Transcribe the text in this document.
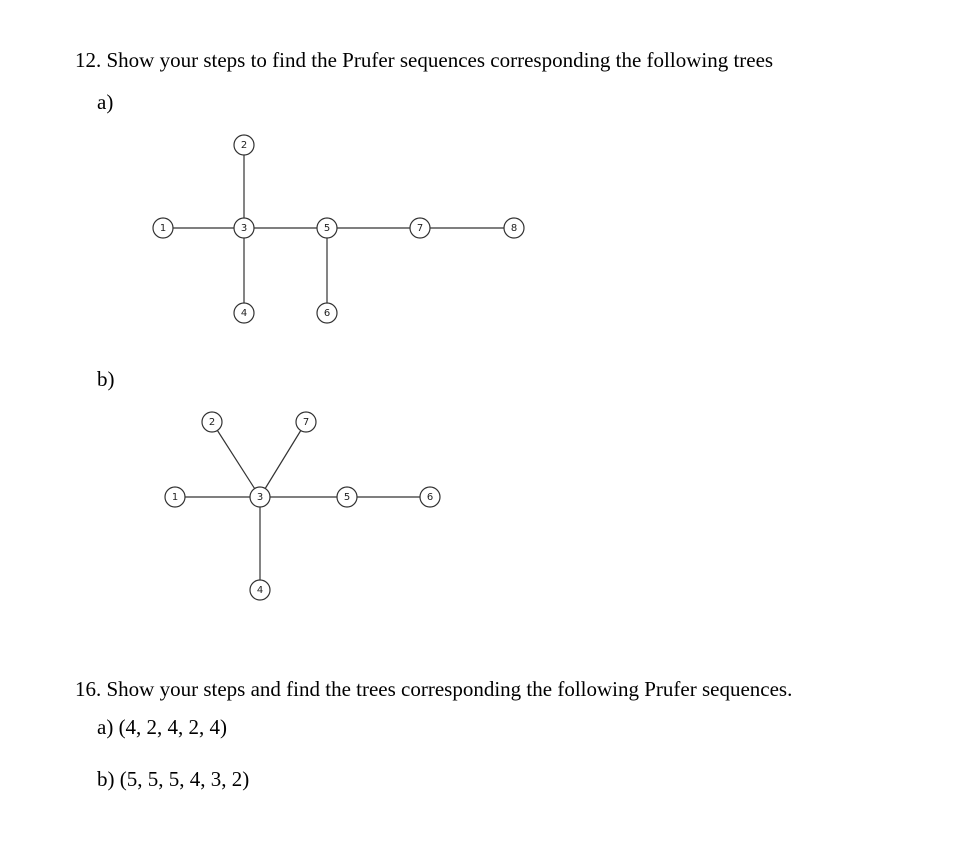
12. Show your steps to find the Prufer sequences corresponding the following trees
a)
1
2
3
4
5
6
7	8
b)
1
2
3
4
5	6
7
16. Show your steps and find the trees corresponding the following Prufer sequences.
a) (4, 2, 4, 2, 4)
b) (5, 5, 5, 4, 3, 2)
